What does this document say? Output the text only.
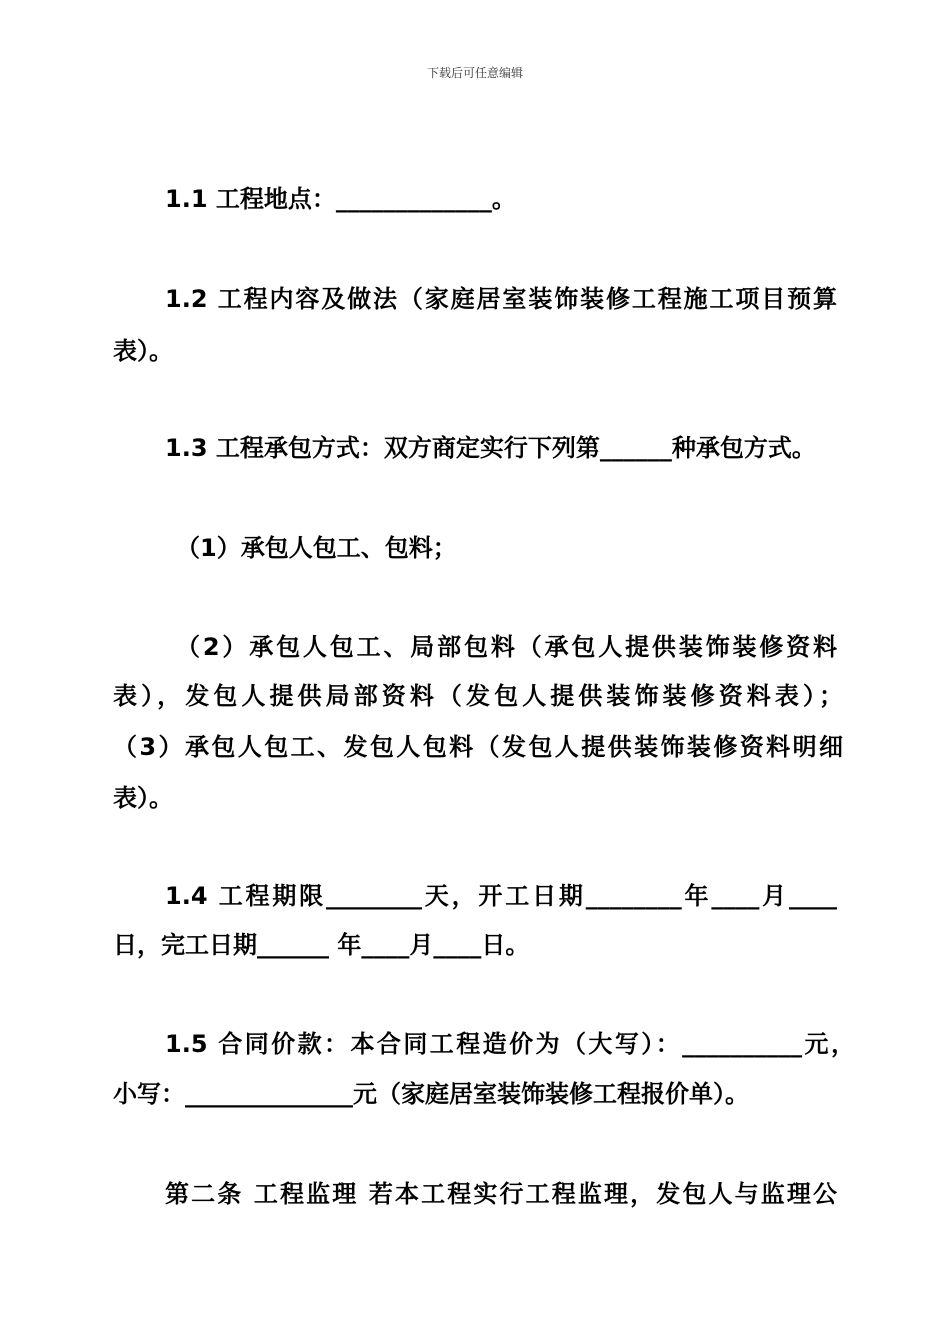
下载后可任意编辑
1.1 工程地点：_____________。
1.2 工程内容及做法（家庭居室装饰装修工程施工项目预算
表）。
1.3 工程承包方式：双方商定实行下列第______种承包方式。
（1）承包人包工、包料；
（2）承包人包工、局部包料（承包人提供装饰装修资料
表），发包人提供局部资料（发包人提供装饰装修资料表）；
（3）承包人包工、发包人包料（发包人提供装饰装修资料明细
表）。
1.4 工程期限________天，开工日期________年____月____
日，完工日期______ 年____月____日。
1.5 合同价款：本合同工程造价为（大写）：__________元，
小写：______________元（家庭居室装饰装修工程报价单）。
第二条 工程监理 若本工程实行工程监理，发包人与监理公
